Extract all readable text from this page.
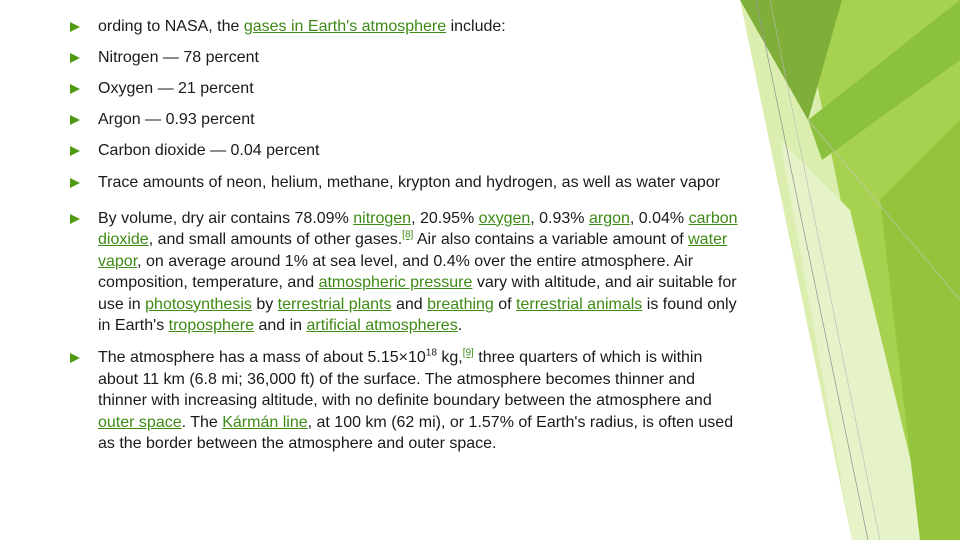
ording to NASA, the gases in Earth's atmosphere include:

Nitrogen — 78 percent

Oxygen — 21 percent

Argon — 0.93 percent

Carbon dioxide — 0.04 percent

Trace amounts of neon, helium, methane, krypton and hydrogen, as well as water vapor

By volume, dry air contains 78.09% nitrogen, 20.95% oxygen, 0.93% argon, 0.04% carbon dioxide, and small amounts of other gases.[8] Air also contains a variable amount of water vapor, on average around 1% at sea level, and 0.4% over the entire atmosphere. Air composition, temperature, and atmospheric pressure vary with altitude, and air suitable for use in photosynthesis by terrestrial plants and breathing of terrestrial animals is found only in Earth's troposphere and in artificial atmospheres.

The atmosphere has a mass of about $5.15\times 10^{18}$ kg,[9] three quarters of which is within about 11 km (6.8 mi; 36,000 ft) of the surface. The atmosphere becomes thinner and thinner with increasing altitude, with no definite boundary between the atmosphere and outer space. The Kármán line, at 100 km (62 mi), or 1.57% of Earth's radius, is often used as the border between the atmosphere and outer space.
